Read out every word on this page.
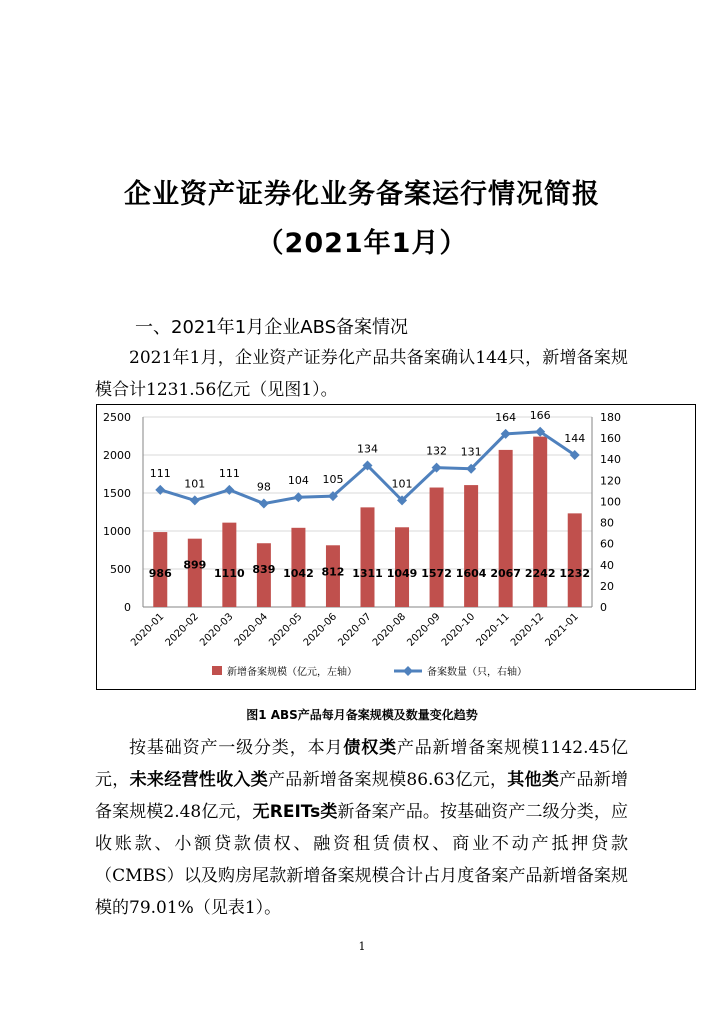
企业资产证券化业务备案运行情况简报
（2021年1月）
一、2021年1月企业ABS备案情况

2021年1月，企业资产证券化产品共备案确认144只，新增备案规模合计1231.56亿元（见图1）。

0
500
1000
1500
2000
2500
0
20
40
60
80
100
120
140
160
180
111
101
111
98 104 105
134
101
132 131
164 166
144
986
899
1110 839 1042 812 1311 1049 1572 1604 2067 2242 1232
2020-01
2020-02
2020-03
2020-04
2020-05
2020-06
2020-07
2020-08
2020-09
2020-10
2020-11
2020-12
2021-01
新增备案规模（亿元，左轴）	备案数量（只，右轴）
图1 ABS产品每月备案规模及数量变化趋势

按基础资产一级分类，本月债权类产品新增备案规模1142.45亿元，未来经营性收入类产品新增备案规模86.63亿元，其他类产品新增备案规模2.48亿元，无REITs类新备案产品。按基础资产二级分类，应收账款、小额贷款债权、融资租赁债权、商业不动产抵押贷款（CMBS）以及购房尾款新增备案规模合计占月度备案产品新增备案规模的79.01%（见表1）。

1
